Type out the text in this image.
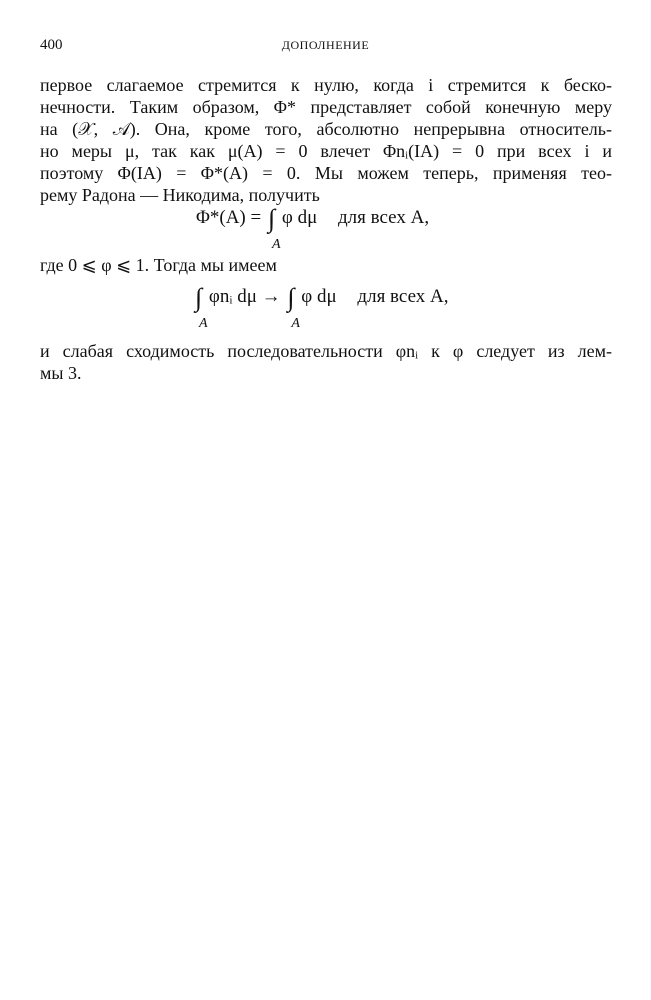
400	ДОПОЛНЕНИЕ
первое слагаемое стремится к нулю, когда i стремится к беско-
нечности. Таким образом, Φ* представляет собой конечную меру
на (𝒳, 𝒜). Она, кроме того, абсолютно непрерывна относитель-
но меры μ, так как μ(A) = 0 влечет Φnᵢ(IA) = 0 при всех i и
поэтому Φ(IA) = Φ*(A) = 0. Мы можем теперь, применяя тео-
рему Радона — Никодима, получить
Φ*(A) = ∫
A
φ dμ для всех A,
где 0 ⩽ φ ⩽ 1. Тогда мы имеем
∫
A
φnᵢ dμ → ∫
A
φ dμ для всех A,
и слабая сходимость последовательности φnᵢ к φ следует из лем-
мы 3.
